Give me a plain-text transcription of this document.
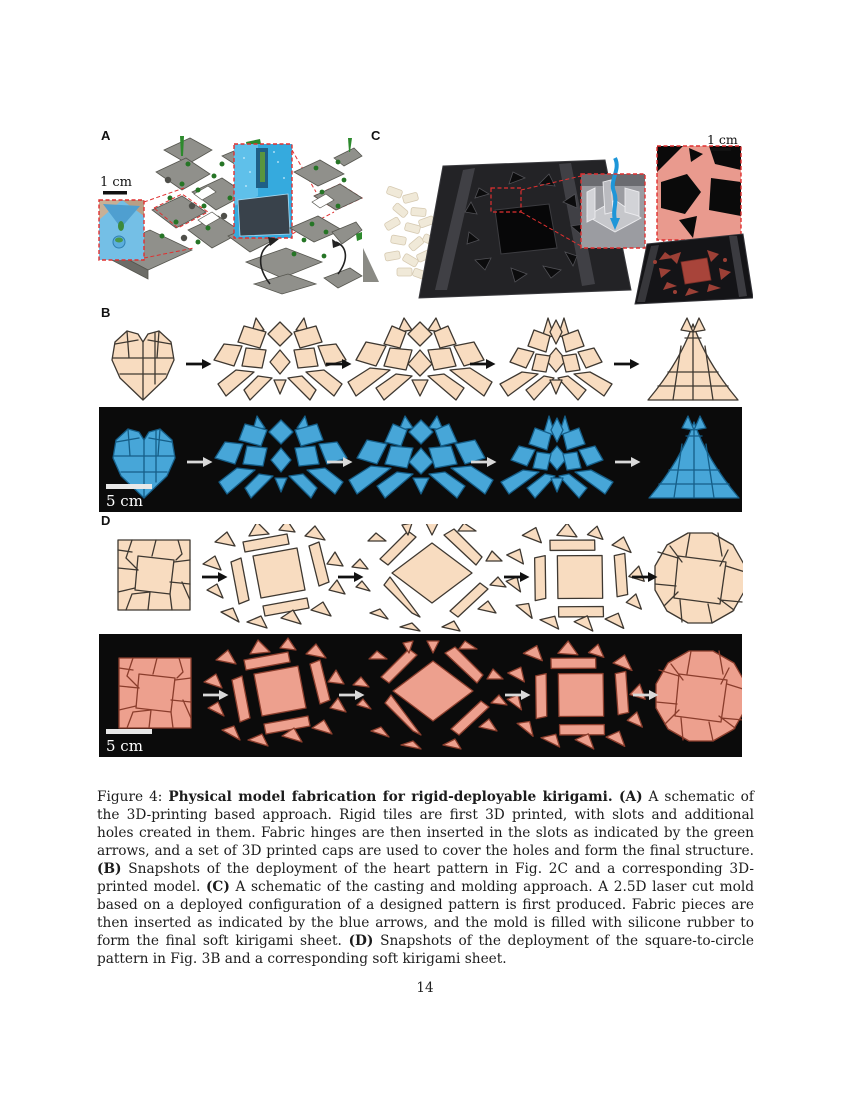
A	C
B
D
1 cm
1 cm
5 cm
5 cm

Figure 4: Physical model fabrication for rigid-deployable kirigami. (A) A schematic of the 3D-printing based approach. Rigid tiles are first 3D printed, with slots and additional holes created in them. Fabric hinges are then inserted in the slots as indicated by the green arrows, and a set of 3D printed caps are used to cover the holes and form the final structure. (B) Snapshots of the deployment of the heart pattern in Fig. 2C and a corresponding 3D-printed model. (C) A schematic of the casting and molding approach. A 2.5D laser cut mold based on a deployed configuration of a designed pattern is first produced. Fabric pieces are then inserted as indicated by the blue arrows, and the mold is filled with silicone rubber to form the final soft kirigami sheet. (D) Snapshots of the deployment of the square-to-circle pattern in Fig. 3B and a corresponding soft kirigami sheet.

14
